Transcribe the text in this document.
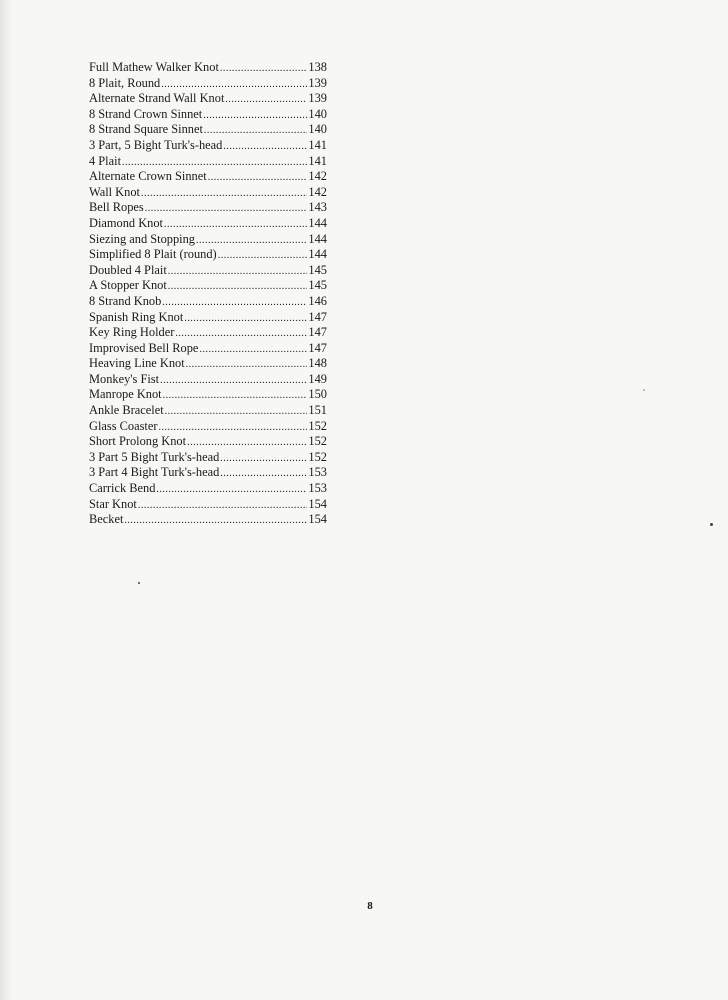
Full Mathew Walker Knot .....	138
8 Plait, Round .....	139
Alternate Strand Wall Knot .....	139
8 Strand Crown Sinnet .....	140
8 Strand Square Sinnet .....	140
3 Part, 5 Bight Turk's-head .....	141
4 Plait .....	141
Alternate Crown Sinnet .....	142
Wall Knot .....	142
Bell Ropes .....	143
Diamond Knot .....	144
Siezing and Stopping .....	144
Simplified 8 Plait (round) .....	144
Doubled 4 Plait .....	145
A Stopper Knot .....	145
8 Strand Knob .....	146
Spanish Ring Knot .....	147
Key Ring Holder .....	147
Improvised Bell Rope .....	147
Heaving Line Knot .....	148
Monkey's Fist .....	149
Manrope Knot .....	150
Ankle Bracelet .....	151
Glass Coaster .....	152
Short Prolong Knot .....	152
3 Part 5 Bight Turk's-head .....	152
3 Part 4 Bight Turk's-head .....	153
Carrick Bend .....	153
Star Knot .....	154
Becket .....	154
8
